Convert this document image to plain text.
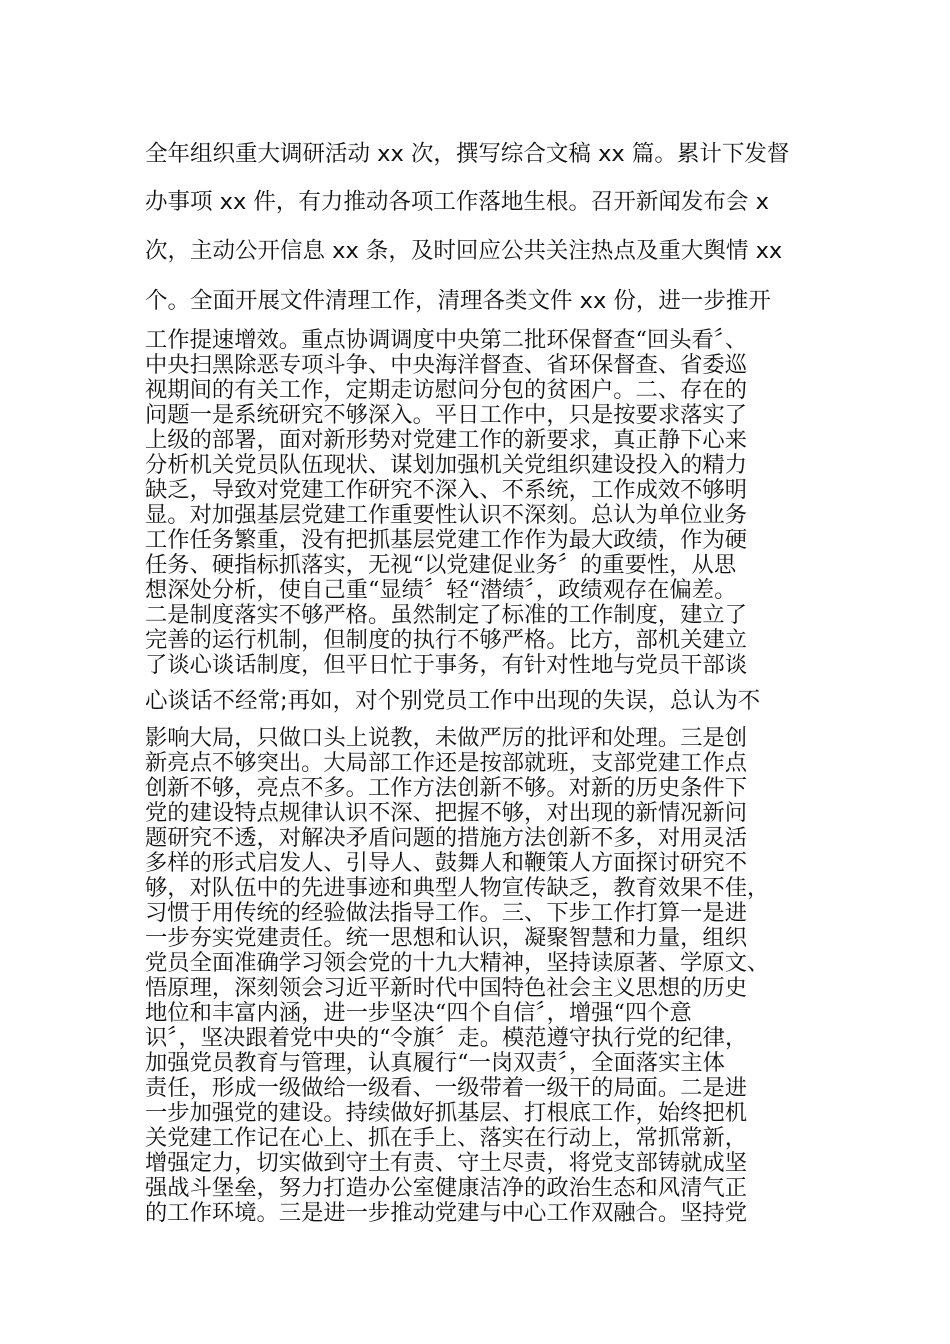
全年组织重大调研活动 xx 次，撰写综合文稿 xx 篇。累计下发督
办事项 xx 件，有力推动各项工作落地生根。召开新闻发布会 x
次，主动公开信息 xx 条，及时回应公共关注热点及重大舆情 xx
个。全面开展文件清理工作，清理各类文件 xx 份，进一步推开
工作提速增效。重点协调调度中央第二批环保督查“回头看〞、
中央扫黑除恶专项斗争、中央海洋督查、省环保督查、省委巡
视期间的有关工作，定期走访慰问分包的贫困户。二、存在的
问题一是系统研究不够深入。平日工作中，只是按要求落实了
上级的部署，面对新形势对党建工作的新要求，真正静下心来
分析机关党员队伍现状、谋划加强机关党组织建设投入的精力
缺乏，导致对党建工作研究不深入、不系统，工作成效不够明
显。对加强基层党建工作重要性认识不深刻。总认为单位业务
工作任务繁重，没有把抓基层党建工作作为最大政绩，作为硬
任务、硬指标抓落实，无视“以党建促业务〞的重要性，从思
想深处分析，使自己重“显绩〞轻“潜绩〞，政绩观存在偏差。
二是制度落实不够严格。虽然制定了标准的工作制度，建立了
完善的运行机制，但制度的执行不够严格。比方，部机关建立
了谈心谈话制度，但平日忙于事务，有针对性地与党员干部谈
心谈话不经常;再如，对个别党员工作中出现的失误，总认为不
影响大局，只做口头上说教，未做严厉的批评和处理。三是创
新亮点不够突出。大局部工作还是按部就班，支部党建工作点
创新不够，亮点不多。工作方法创新不够。对新的历史条件下
党的建设特点规律认识不深、把握不够，对出现的新情况新问
题研究不透，对解决矛盾问题的措施方法创新不多，对用灵活
多样的形式启发人、引导人、鼓舞人和鞭策人方面探讨研究不
够，对队伍中的先进事迹和典型人物宣传缺乏，教育效果不佳，
习惯于用传统的经验做法指导工作。三、下步工作打算一是进
一步夯实党建责任。统一思想和认识，凝聚智慧和力量，组织
党员全面准确学习领会党的十九大精神，坚持读原著、学原文、
悟原理，深刻领会习近平新时代中国特色社会主义思想的历史
地位和丰富内涵，进一步坚决“四个自信〞，增强“四个意
识〞，坚决跟着党中央的“令旗〞走。模范遵守执行党的纪律，
加强党员教育与管理，认真履行“一岗双责〞，全面落实主体
责任，形成一级做给一级看、一级带着一级干的局面。二是进
一步加强党的建设。持续做好抓基层、打根底工作，始终把机
关党建工作记在心上、抓在手上、落实在行动上，常抓常新，
增强定力，切实做到守土有责、守土尽责，将党支部铸就成坚
强战斗堡垒，努力打造办公室健康洁净的政治生态和风清气正
的工作环境。三是进一步推动党建与中心工作双融合。坚持党
